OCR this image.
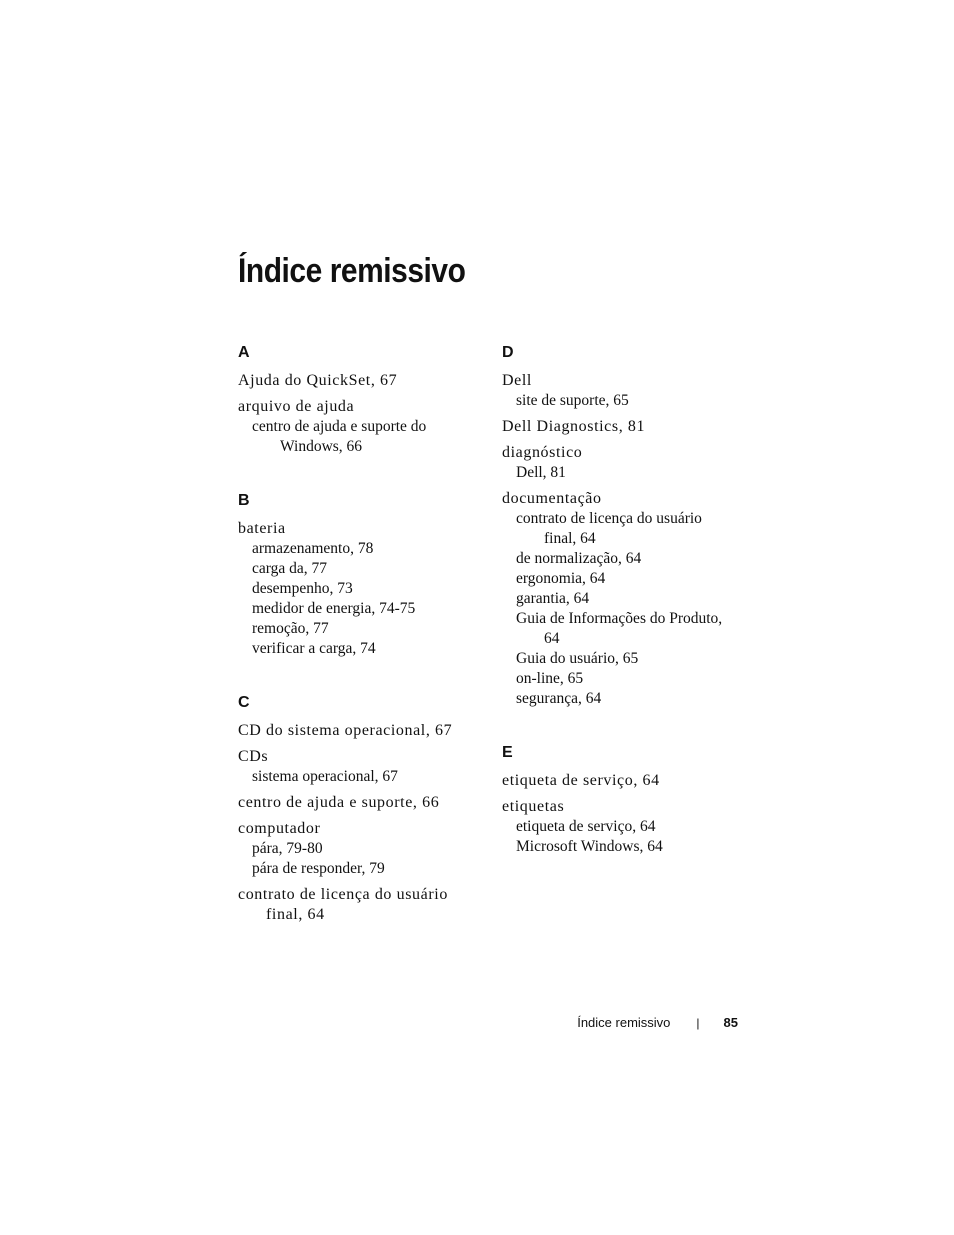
Índice remissivo
A
Ajuda do QuickSet, 67
arquivo de ajuda
centro de ajuda e suporte do Windows, 66
B
bateria
armazenamento, 78
carga da, 77
desempenho, 73
medidor de energia, 74-75
remoção, 77
verificar a carga, 74
C
CD do sistema operacional, 67
CDs
sistema operacional, 67
centro de ajuda e suporte, 66
computador
pára, 79-80
pára de responder, 79
contrato de licença do usuário final, 64
D
Dell
site de suporte, 65
Dell Diagnostics, 81
diagnóstico
Dell, 81
documentação
contrato de licença do usuário final, 64
de normalização, 64
ergonomia, 64
garantia, 64
Guia de Informações do Produto, 64
Guia do usuário, 65
on-line, 65
segurança, 64
E
etiqueta de serviço, 64
etiquetas
etiqueta de serviço, 64
Microsoft Windows, 64
Índice remissivo | 85
